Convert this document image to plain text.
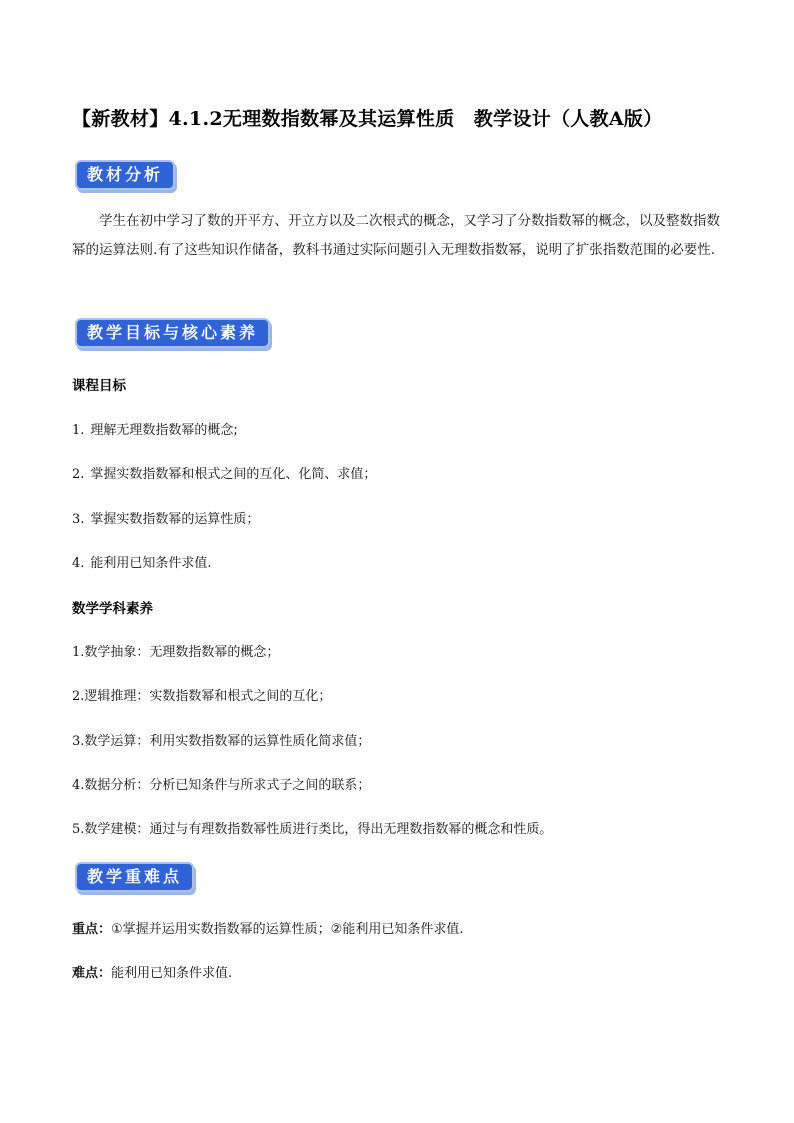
【新教材】4.1.2无理数指数幂及其运算性质　教学设计（人教A版）
教材分析
学生在初中学习了数的开平方、开立方以及二次根式的概念，又学习了分数指数幂的概念，以及整数指数幂的运算法则.有了这些知识作储备，教科书通过实际问题引入无理数指数幂，说明了扩张指数范围的必要性.
教学目标与核心素养
课程目标
1. 理解无理数指数幂的概念;
2. 掌握实数指数幂和根式之间的互化、化简、求值；
3. 掌握实数指数幂的运算性质；
4. 能利用已知条件求值.
数学学科素养
1.数学抽象：无理数指数幂的概念；
2.逻辑推理：实数指数幂和根式之间的互化；
3.数学运算：利用实数指数幂的运算性质化简求值；
4.数据分析：分析已知条件与所求式子之间的联系；
5.数学建模：通过与有理数指数幂性质进行类比，得出无理数指数幂的概念和性质。
教学重难点
重点：①掌握并运用实数指数幂的运算性质；②能利用已知条件求值.
难点：能利用已知条件求值.
